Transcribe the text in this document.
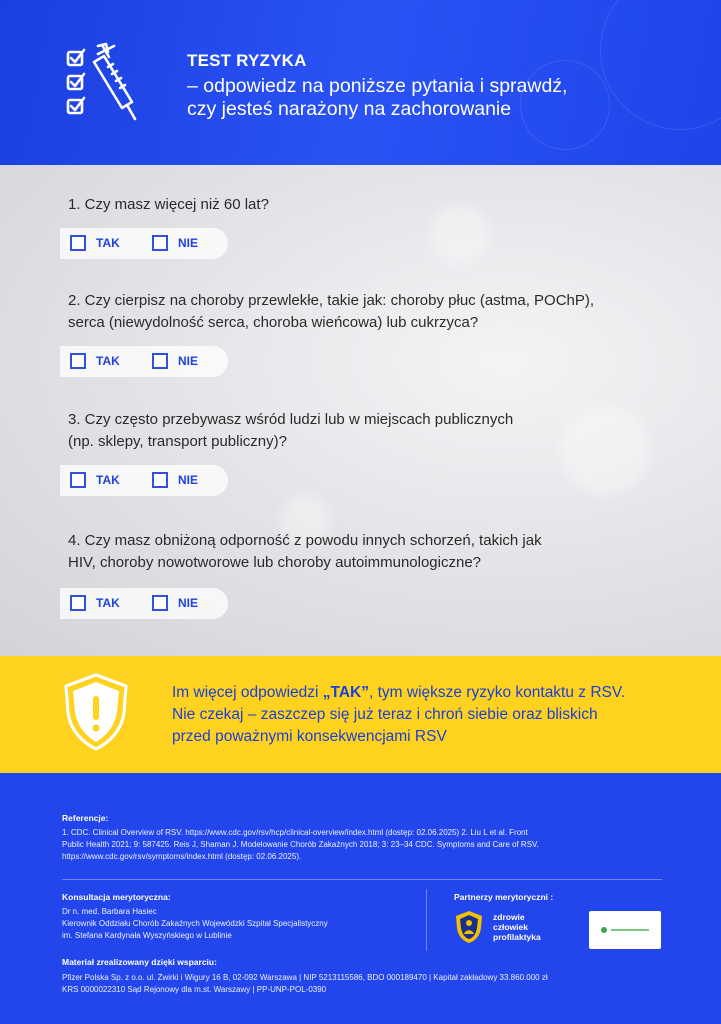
TEST RYZYKA
– odpowiedz na poniższe pytania i sprawdź,
czy jesteś narażony na zachorowanie
1. Czy masz więcej niż 60 lat?
TAK	NIE
2. Czy cierpisz na choroby przewlekłe, takie jak: choroby płuc (astma, POChP),
serca (niewydolność serca, choroba wieńcowa) lub cukrzyca?
TAK	NIE
3. Czy często przebywasz wśród ludzi lub w miejscach publicznych
(np. sklepy, transport publiczny)?
TAK	NIE
4. Czy masz obniżoną odporność z powodu innych schorzeń, takich jak
HIV, choroby nowotworowe lub choroby autoimmunologiczne?
TAK	NIE
Im więcej odpowiedzi „TAK”, tym większe ryzyko kontaktu z RSV.
Nie czekaj – zaszczep się już teraz i chroń siebie oraz bliskich
przed poważnymi konsekwencjami RSV
Referencje:
1. CDC. Clinical Overview of RSV. https://www.cdc.gov/rsv/hcp/clinical-overview/index.html (dostęp: 02.06.2025) 2. Liu L et al. Front
Public Health 2021; 9: 587425. Reis J, Shaman J. Modelowanie Chorób Zakaźnych 2018; 3: 23–34 CDC. Symptoms and Care of RSV.
https://www.cdc.gov/rsv/symptoms/index.html (dostęp: 02.06.2025).
Konsultacja merytoryczna:
Dr n. med. Barbara Hasiec
Kierownik Oddziału Chorób Zakaźnych Wojewódzki Szpital Specjalistyczny
im. Stefana Kardynała Wyszyńskiego w Lublinie
Partnerzy merytoryczni :
zdrowie
człowiek
profilaktyka
Materiał zrealizowany dzięki wsparciu:
Pfizer Polska Sp. z o.o. ul. Żwirki i Wigury 16 B, 02-092 Warszawa | NIP 5213115586, BDO 000189470 | Kapitał zakładowy 33.860.000 zł
KRS 0000022310 Sąd Rejonowy dla m.st. Warszawy | PP-UNP-POL-0390
